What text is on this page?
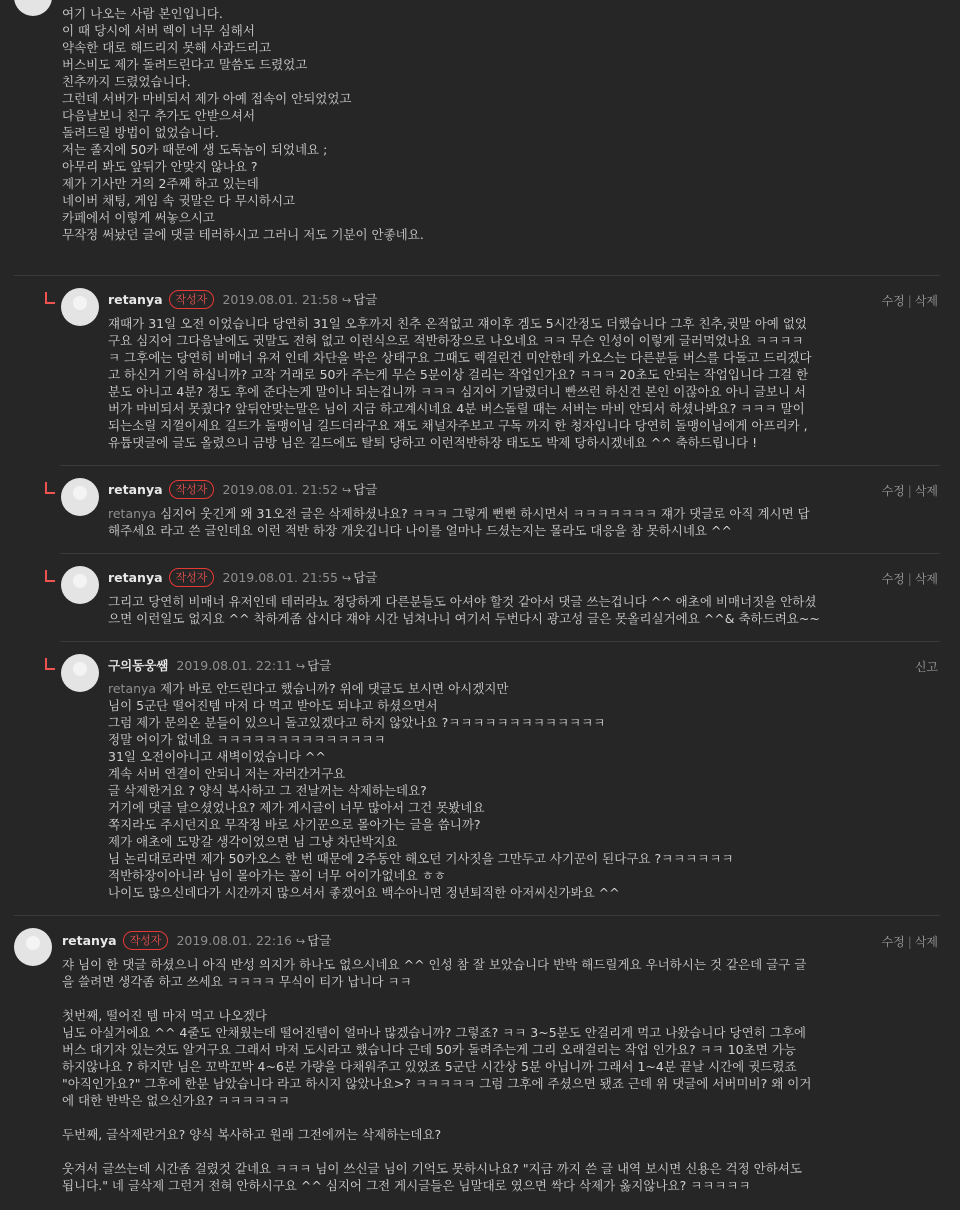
여기 나오는 사람 본인입니다.
이 때 당시에 서버 렉이 너무 심해서
약속한 대로 해드리지 못해 사과드리고
버스비도 제가 돌려드린다고 말씀도 드렸었고
친추까지 드렸었습니다.
그런데 서버가 마비되서 제가 아예 접속이 안되었었고
다음날보니 친구 추가도 안받으셔서
돌려드릴 방법이 없었습니다.
저는 졸지에 50카 때문에 생 도둑놈이 되었네요 ;
아무리 봐도 앞뒤가 안맞지 않나요 ?
제가 기사만 거의 2주째 하고 있는데
네이버 채팅, 게임 속 귓말은 다 무시하시고
카페에서 이렇게 써놓으시고
무작정 써놨던 글에 댓글 테러하시고 그러니 저도 기분이 안좋네요.
retanya	작성자	2019.08.01. 21:58 ↪ 답글	수정 | 삭제
쟤때가 31일 오전 이었습니다 당연히 31일 오후까지 친추 온적없고 쟤이후 겜도 5시간정도 더했습니다 그후 친추,귓말 아예 없었
구요 심지어 그다음날에도 귓말도 전혀 없고 이런식으로 적반하장으로 나오네요 ㅋㅋ 무슨 인성이 이렇게 글러먹었나요 ㅋㅋㅋㅋ
ㅋ 그후에는 당연히 비매너 유저 인데 차단을 박은 상태구요 그때도 렉걸린건 미안한데 카오스는 다른분들 버스를 다돌고 드리겠다
고 하신거 기억 하십니까? 고작 거래로 50카 주는게 무슨 5분이상 걸리는 작업인가요? ㅋㅋㅋ 20초도 안되는 작업입니다 그걸 한
분도 아니고 4분? 정도 후에 준다는게 말이나 되는겁니까 ㅋㅋㅋ 심지어 기달렸더니 빤쓰런 하신건 본인 이잖아요 아니 글보니 서
버가 마비되서 못줬다? 앞뒤안맞는말은 님이 지금 하고계시네요 4분 버스돌릴 때는 서버는 마비 안되서 하셨나봐요? ㅋㅋㅋ 말이
되는소릴 지껄이세요 길드가 돌맹이님 길드더라구요 쟤도 채널자주보고 구독 까지 한 청자입니다 당연히 돌맹이님에게 아프리카 ,
유튭댓글에 글도 올렸으니 금방 님은 길드에도 탈퇴 당하고 이런적반하장 태도도 박제 당하시겠네요 ^^ 축하드립니다 !
retanya	작성자	2019.08.01. 21:52 ↪ 답글	수정 | 삭제
retanya 심지어 웃긴게 왜 31오전 글은 삭제하셨나요? ㅋㅋㅋ 그렇게 뻔뻔 하시면서 ㅋㅋㅋㅋㅋㅋㅋ 쟤가 댓글로 아직 계시면 답
해주세요 라고 쓴 글인데요 이런 적반 하장 개웃깁니다 나이를 얼마나 드셨는지는 몰라도 대응을 참 못하시네요 ^^
retanya	작성자	2019.08.01. 21:55 ↪ 답글	수정 | 삭제
그리고 당연히 비매너 유저인데 테러라뇨 정당하게 다른분들도 아셔야 할것 같아서 댓글 쓰는겁니다 ^^ 애초에 비매너짓을 안하셨
으면 이런일도 없지요 ^^ 착하게좀 삽시다 쟤야 시간 넘쳐나니 여기서 두번다시 광고성 글은 못올리실거에요 ^^& 축하드려요~~
구의동웅쌤 2019.08.01. 22:11 ↪ 답글	신고
retanya 제가 바로 안드린다고 했습니까? 위에 댓글도 보시면 아시겠지만
님이 5군단 떨어진템 마저 다 먹고 받아도 되냐고 하셨으면서
그럼 제가 문의온 분들이 있으니 돌고있겠다고 하지 않았나요 ?ㅋㅋㅋㅋㅋㅋㅋㅋㅋㅋㅋㅋㅋ
정말 어이가 없네요 ㅋㅋㅋㅋㅋㅋㅋㅋㅋㅋㅋㅋㅋㅋ
31일 오전이아니고 새벽이었습니다 ^^
계속 서버 연결이 안되니 저는 자러간거구요
글 삭제한거요 ? 양식 복사하고 그 전날꺼는 삭제하는데요?
거기에 댓글 달으셨었나요? 제가 게시글이 너무 많아서 그건 못봤네요
쪽지라도 주시던지요 무작정 바로 사기꾼으로 몰아가는 글을 씁니까?
제가 애초에 도망갈 생각이었으면 님 그냥 차단박지요
님 논리대로라면 제가 50카오스 한 번 때문에 2주동안 해오던 기사짓을 그만두고 사기꾼이 된다구요 ?ㅋㅋㅋㅋㅋㅋ
적반하장이아니라 님이 몰아가는 꼴이 너무 어이가없네요 ㅎㅎ
나이도 많으신데다가 시간까지 많으셔서 좋겠어요 백수아니면 정년퇴직한 아저씨신가봐요 ^^
retanya	작성자	2019.08.01. 22:16 ↪ 답글	수정 | 삭제
쟈 님이 한 댓글 하셨으니 아직 반성 의지가 하나도 없으시네요 ^^ 인성 참 잘 보았습니다 반박 해드릴게요 우너하시는 것 같은데 글구 글
을 쓸려면 생각좀 하고 쓰세요 ㅋㅋㅋㅋ 무식이 티가 납니다 ㅋㅋ

첫번째, 떨어진 템 마저 먹고 나오겠다
님도 아실거에요 ^^ 4줄도 안채웠는데 떨어진템이 얼마나 많겠습니까? 그렇죠? ㅋㅋ 3~5분도 안걸리게 먹고 나왔습니다 당연히 그후에
버스 대기자 있는것도 알거구요 그래서 마저 도시라고 했습니다 근데 50카 돌려주는게 그리 오래걸리는 작업 인가요? ㅋㅋ 10초면 가능
하지않나요 ? 하지만 님은 꼬박꼬박 4~6분 가량을 다채워주고 있었죠 5군단 시간상 5분 아닙니까 그래서 1~4분 끝날 시간에 귓드렸죠
"아직인가요?" 그후에 한분 남았습니다 라고 하시지 않았나요>? ㅋㅋㅋㅋㅋ 그럼 그후에 주셨으면 됐죠 근데 위 댓글에 서버미비? 왜 이거
에 대한 반박은 없으신가요? ㅋㅋㅋㅋㅋㅋ

두번째, 글삭제란거요? 양식 복사하고 원래 그전에꺼는 삭제하는데요?

웃겨서 글쓰는데 시간좀 걸렸것 같네요 ㅋㅋㅋ 님이 쓰신글 님이 기억도 못하시나요? "지금 까지 쓴 글 내역 보시면 신용은 걱정 안하셔도
됩니다." 네 글삭제 그런거 전혀 안하시구요 ^^ 심지어 그전 게시글들은 님말대로 였으면 싹다 삭제가 옳지않나요? ㅋㅋㅋㅋㅋ
